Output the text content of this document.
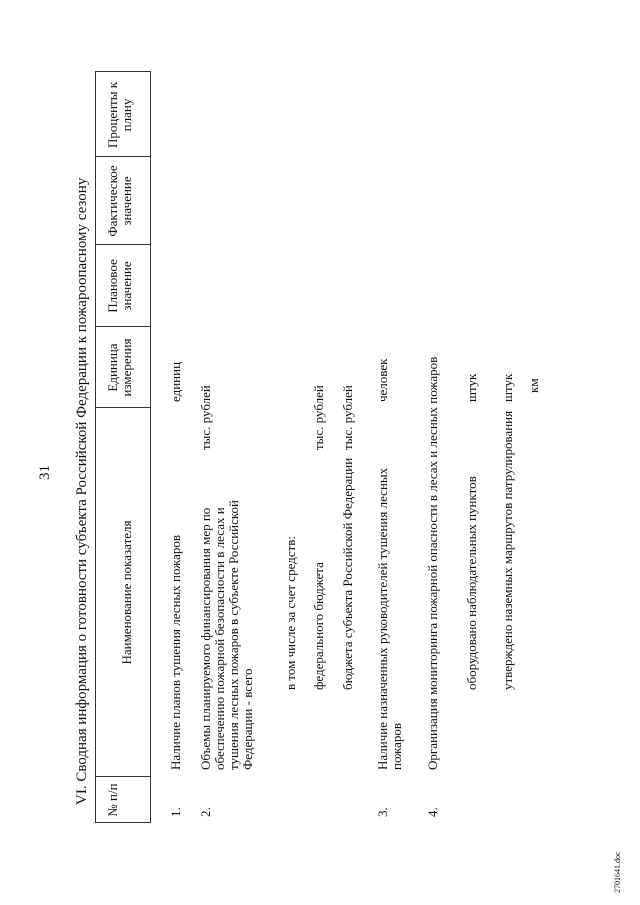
31 VI. Сводная информация о готовности субъекта Российской Федерации к пожароопасному сезону
2701641.doc
№ п/п
Наименование показателя
Единица измерения
Плановое значение
Фактическое значение
Проценты к плану
1.
Наличие планов тушения лесных пожаров
единиц
2.
Объемы планируемого финансирования мер по обеспечению пожарной безопасности в лесах и тушения лесных пожаров в субъекте Российской Федерации - всего
тыс. рублей
в том числе за счет средств: федерального бюджета
тыс. рублей
бюджета субъекта Российской Федерации
тыс. рублей
3.
Наличие назначенных руководителей тушения лесных пожаров
человек
4.
Организация мониторинга пожарной опасности в лесах и лесных пожаров оборудовано наблюдательных пунктов
штук
утверждено наземных маршрутов патрулирования
штук км
